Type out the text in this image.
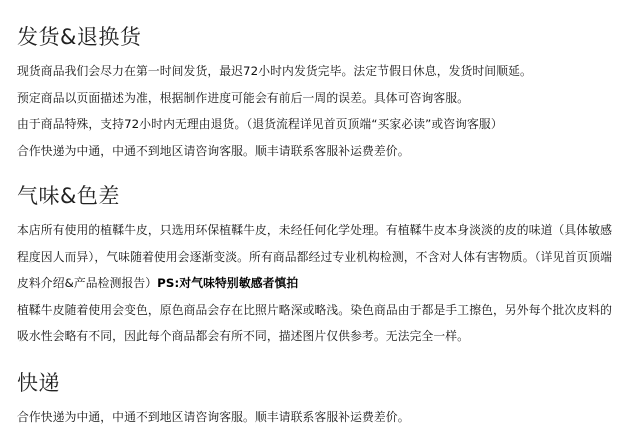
发货&退换货

现货商品我们会尽力在第一时间发货，最迟72小时内发货完毕。法定节假日休息，发货时间顺延。

预定商品以页面描述为准，根据制作进度可能会有前后一周的误差。具体可咨询客服。

由于商品特殊，支持72小时内无理由退货。（退货流程详见首页顶端“买家必读”或咨询客服）

合作快递为中通，中通不到地区请咨询客服。顺丰请联系客服补运费差价。

气味&色差

本店所有使用的植鞣牛皮，只选用环保植鞣牛皮，未经任何化学处理。有植鞣牛皮本身淡淡的皮的味道（具体敏感程度因人而异），气味随着使用会逐渐变淡。所有商品都经过专业机构检测，不含对人体有害物质。（详见首页顶端皮料介绍&产品检测报告）PS:对气味特别敏感者慎拍

植鞣牛皮随着使用会变色，原色商品会存在比照片略深或略浅。染色商品由于都是手工擦色，另外每个批次皮料的吸水性会略有不同，因此每个商品都会有所不同，描述图片仅供参考。无法完全一样。

快递

合作快递为中通，中通不到地区请咨询客服。顺丰请联系客服补运费差价。
